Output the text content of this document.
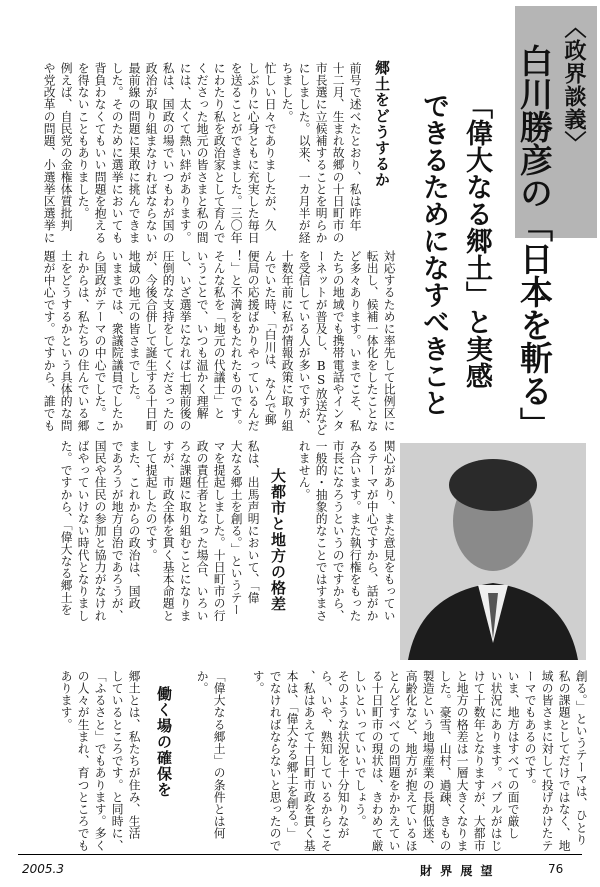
〈政界談義〉
白川勝彦の「日本を斬る」
「偉大なる郷土」と実感
できるためになすべきこと
郷土をどうするか
大都市と地方の格差
働く場の確保を
前号で述べたとおり、私は昨年
十二月、生まれ故郷の十日町市の
市長選に立候補することを明らか
にしました。以来、一カ月半が経
ちました。
忙しい日々でありましたが、久
しぶりに心身ともに充実した毎日
を送ることができました。三〇年
にわたり私を政治家として育んで
くださった地元の皆さまと私の間
には、太くて熱い絆があります。
私は、国政の場でいつもわが国の
政治が取り組まなければならない
最前線の問題に果敢に挑んできま
した。そのために選挙においても
背負わなくてもいい問題を抱える
を得ないこともありました。
例えば、自民党の金権体質批判
や党改革の問題、小選挙区選挙に
対応するために率先して比例区に
転出し、候補一体化をしたことな
ど多々あります。いまでこそ、私
たちの地域でも携帯電話やインタ
ーネットが普及し、BS放送など
を受信している人が多いですが、
十数年前に私が情報政策に取り組
んでいた時、「白川は、なんで郵
便局の応援ばかりやっているんだ
！」と不満をもたれたものです。
そんな私を「地元の代議士」と
いうことで、いつも温かく理解
し、いざ選挙になれば七割前後の
圧倒的な支持をしてくださったの
が、今後合併して誕生する十日町
地域の地元の皆さまでした。
いままでは、衆議院議員でしたか
ら国政がテーマの中心でした。こ
れからは、私たちの住んでいる郷
土をどうするかという具体的な問
題が中心です。ですから、誰でも
関心があり、また意見をもってい
るテーマが中心ですから、話がか
み合います。また執行権をもった
市長になろうというのですから、
一般的・抽象的なことではすまさ
れません。
私は、出馬声明において、「偉
大なる郷土を創る。」というテー
マを提起しました。十日町市の行
政の責任者となった場合、いろい
ろな課題に取り組むことになりま
すが、市政全体を貫く基本命題と
して提起したのです。
また、これからの政治は、国政
であろうが地方自治であろうが、
国民や住民の参加と協力がなけれ
ばやっていけない時代となりまし
た。ですから、「偉大なる郷土を
創る。」というテーマは、ひとり
私の課題としてだけではなく、地
域の皆さまに対して投げかけたテ
ーマでもあるのです。
いま、地方はすべての面で厳し
い状況にあります。バブルがはじ
けて十数年となりますが、大都市
と地方の格差は一層大きくなりま
した。豪雪、山村、過疎、きもの
製造という地場産業の長期低迷、
高齢化など、地方が抱えているほ
とんどすべての問題をかかえてい
る十日町市の現状は、きわめて厳
しいといっていいでしょう。
そのような状況を十分知りなが
ら、いや、熟知しているからこそ
、私はあえて十日町市政を貫く基
本は、「偉大なる郷土を創る。」
でなければならないと思ったので
す。
郷土とは、私たちが住み、生活
しているところです。と同時に、
「ふるさと」でもあります。多く
の人々が生まれ、育つところでも
あります。	「偉大なる郷土」の条件とは何
か。
2005.3	財 界 展 望	76
